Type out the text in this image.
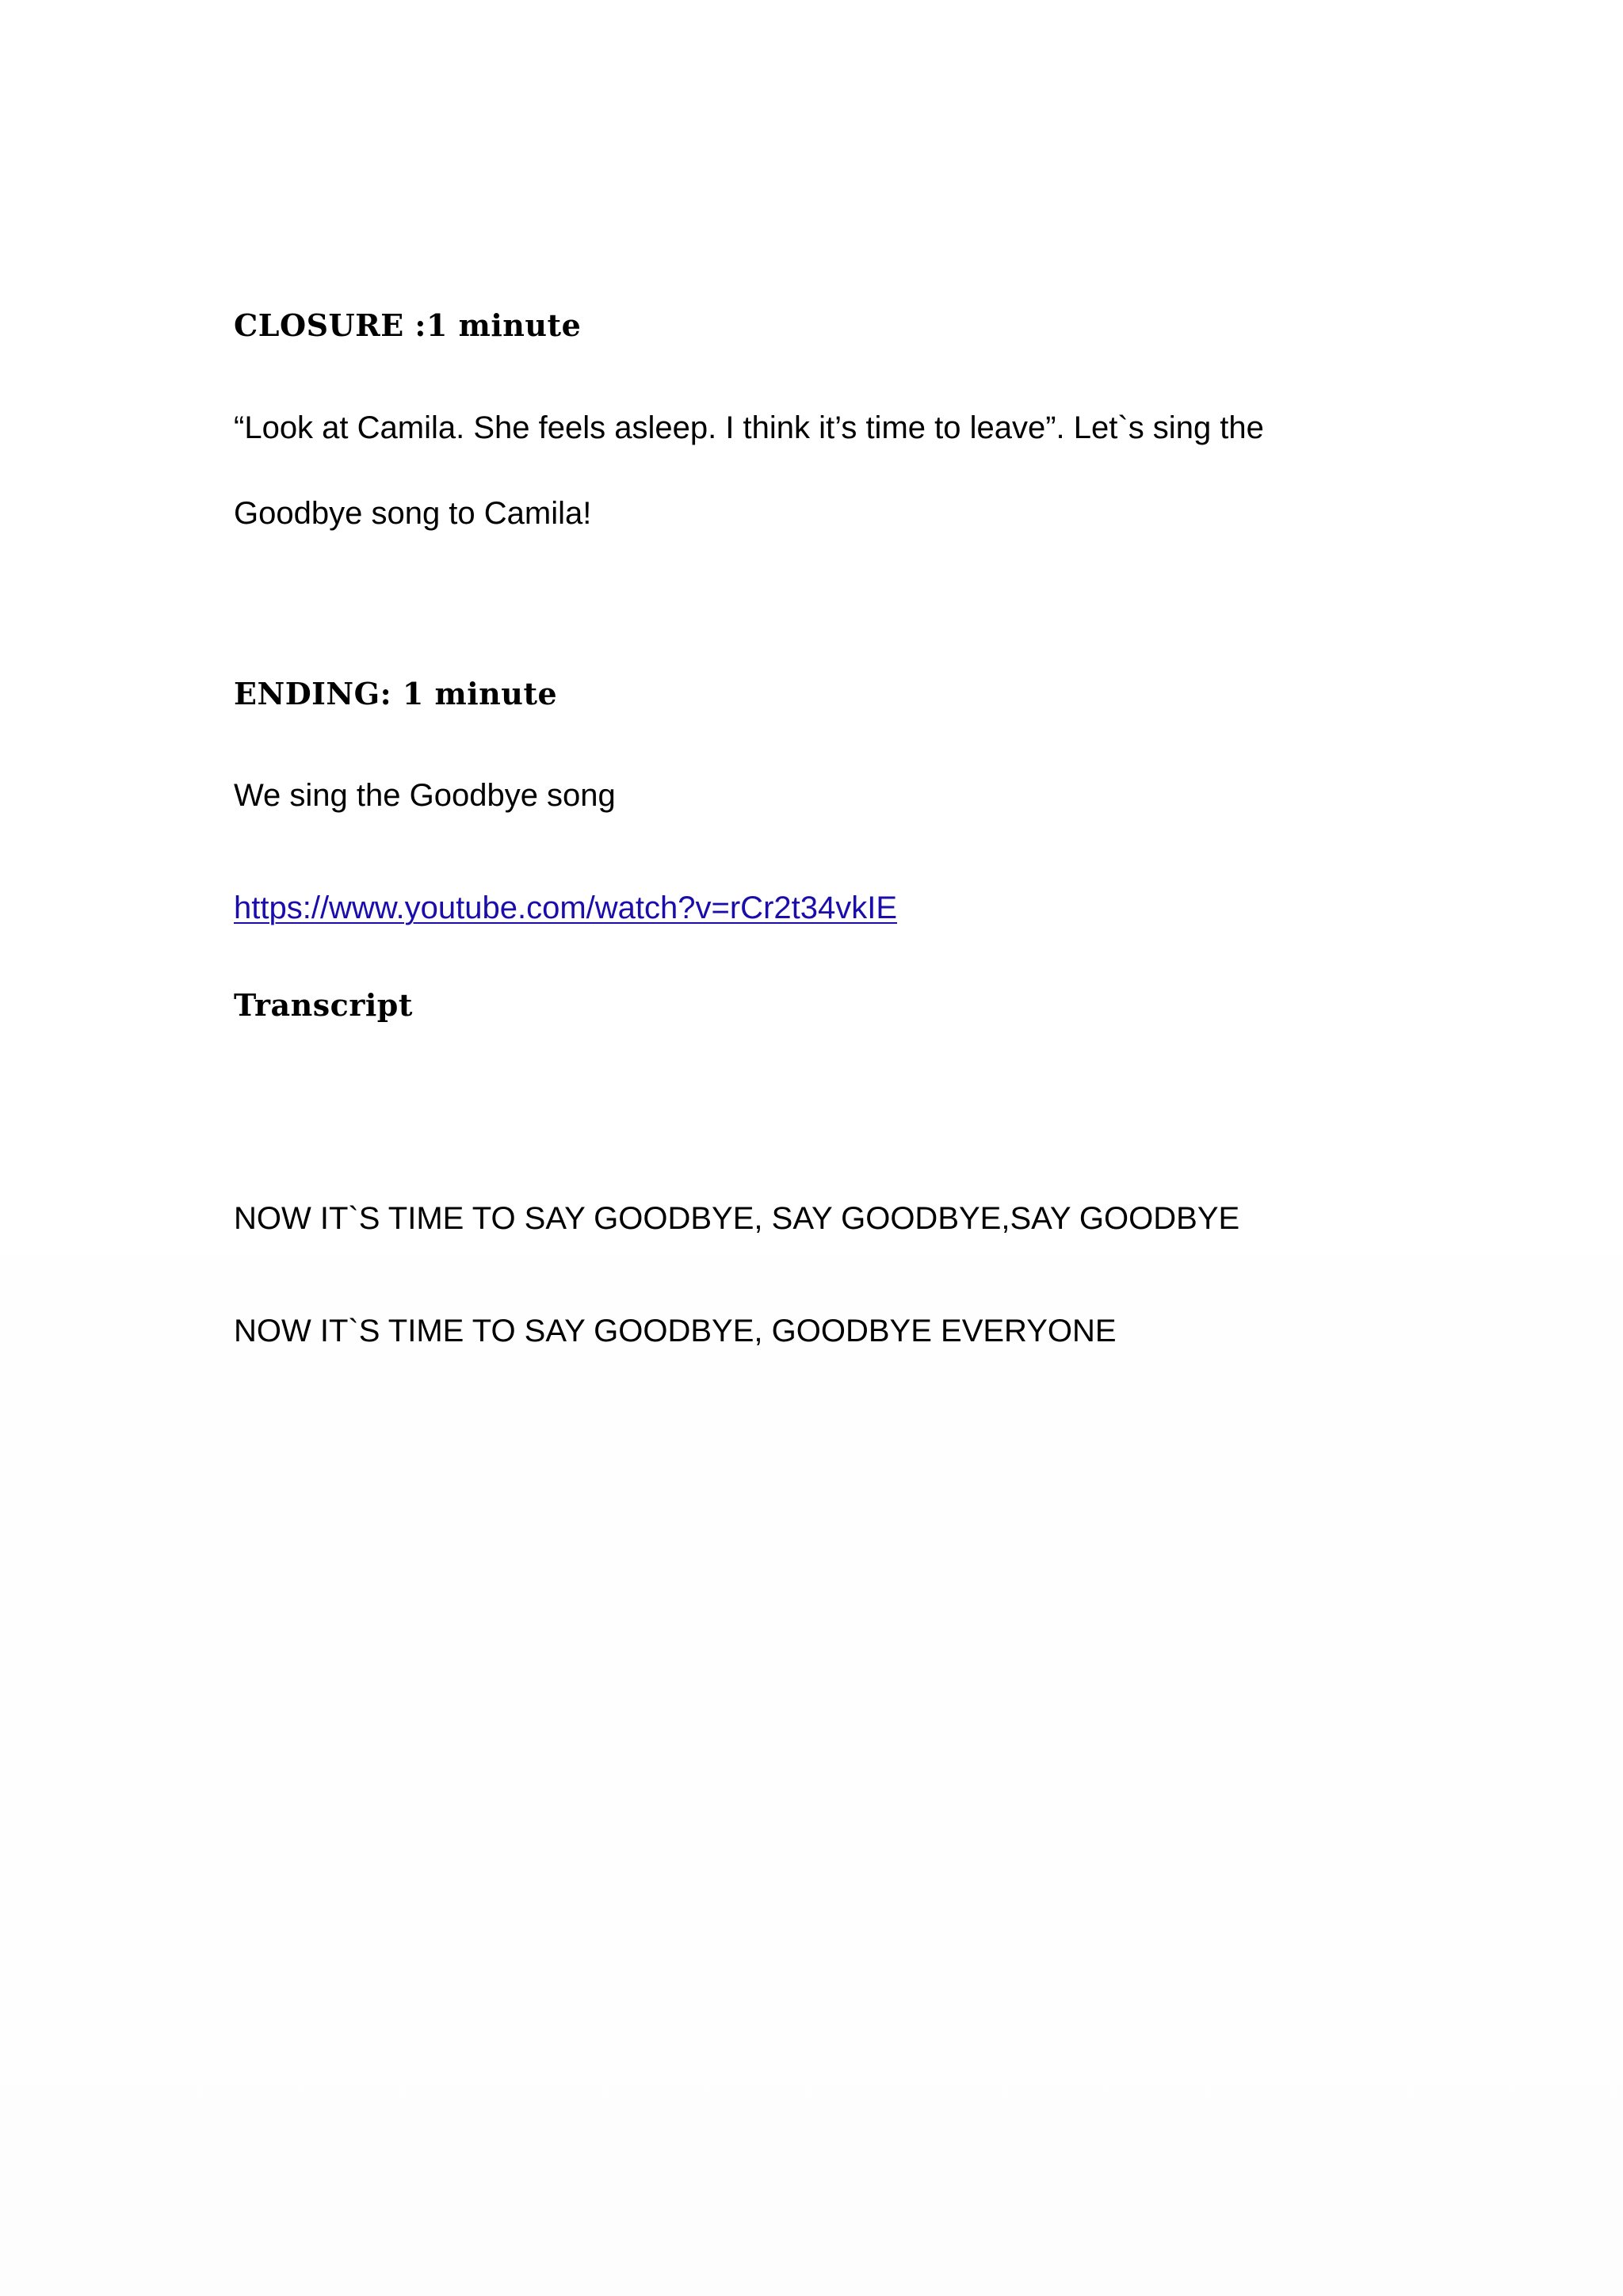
CLOSURE :1 minute
“Look at Camila. She feels asleep. I think it’s time to leave”. Let`s sing the
Goodbye song to Camila!
ENDING: 1 minute
We sing the Goodbye song
https://www.youtube.com/watch?v=rCr2t34vkIE
Transcript
NOW IT`S TIME TO SAY GOODBYE, SAY GOODBYE,SAY GOODBYE
NOW IT`S TIME TO SAY GOODBYE, GOODBYE EVERYONE
